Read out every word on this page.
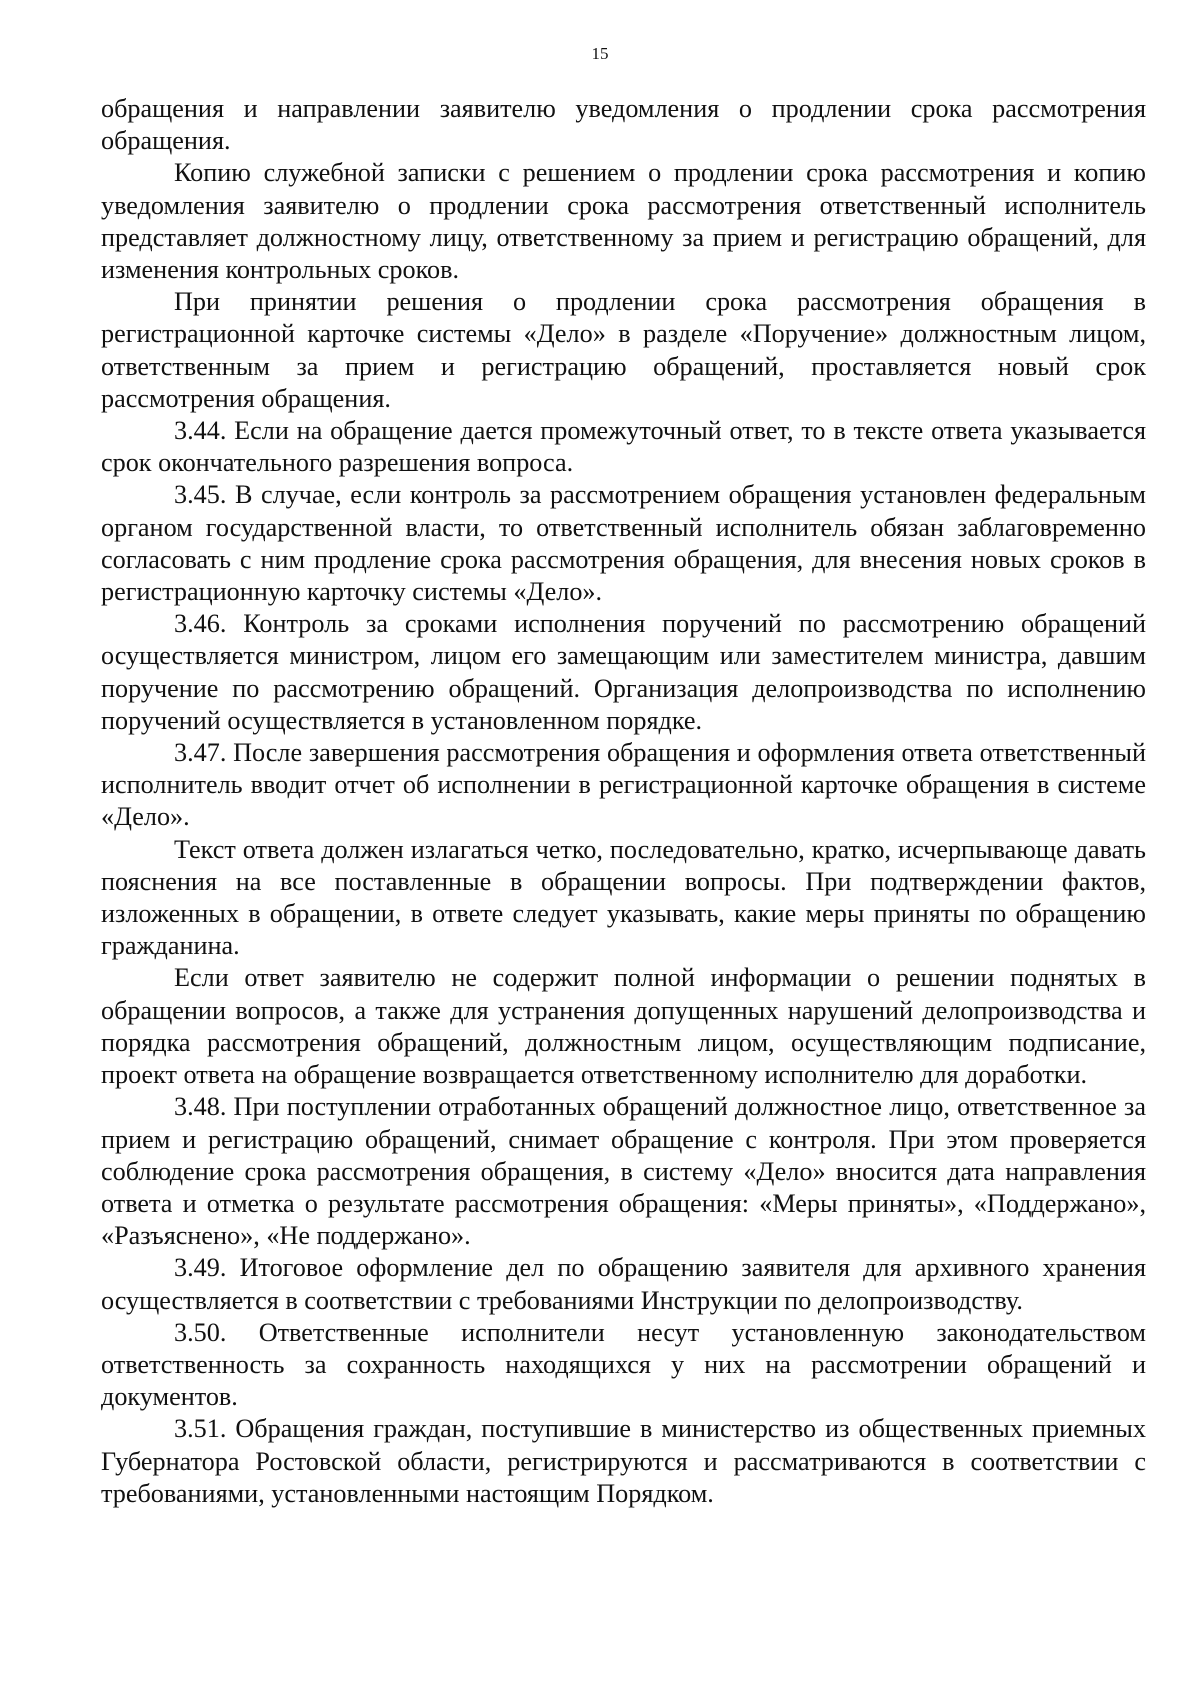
15

обращения и направлении заявителю уведомления о продлении срока рассмотрения обращения.

Копию служебной записки с решением о продлении срока рассмотрения и копию уведомления заявителю о продлении срока рассмотрения ответственный исполнитель представляет должностному лицу, ответственному за прием и регистрацию обращений, для изменения контрольных сроков.

При принятии решения о продлении срока рассмотрения обращения в регистрационной карточке системы «Дело» в разделе «Поручение» должностным лицом, ответственным за прием и регистрацию обращений, проставляется новый срок рассмотрения обращения.

3.44. Если на обращение дается промежуточный ответ, то в тексте ответа указывается срок окончательного разрешения вопроса.

3.45. В случае, если контроль за рассмотрением обращения установлен федеральным органом государственной власти, то ответственный исполнитель обязан заблаговременно согласовать с ним продление срока рассмотрения обращения, для внесения новых сроков в регистрационную карточку системы «Дело».

3.46. Контроль за сроками исполнения поручений по рассмотрению обращений осуществляется министром, лицом его замещающим или заместителем министра, давшим поручение по рассмотрению обращений. Организация делопроизводства по исполнению поручений осуществляется в установленном порядке.

3.47. После завершения рассмотрения обращения и оформления ответа ответственный исполнитель вводит отчет об исполнении в регистрационной карточке обращения в системе «Дело».

Текст ответа должен излагаться четко, последовательно, кратко, исчерпывающе давать пояснения на все поставленные в обращении вопросы. При подтверждении фактов, изложенных в обращении, в ответе следует указывать, какие меры приняты по обращению гражданина.

Если ответ заявителю не содержит полной информации о решении поднятых в обращении вопросов, а также для устранения допущенных нарушений делопроизводства и порядка рассмотрения обращений, должностным лицом, осуществляющим подписание, проект ответа на обращение возвращается ответственному исполнителю для доработки.

3.48. При поступлении отработанных обращений должностное лицо, ответственное за прием и регистрацию обращений, снимает обращение с контроля. При этом проверяется соблюдение срока рассмотрения обращения, в систему «Дело» вносится дата направления ответа и отметка о результате рассмотрения обращения: «Меры приняты», «Поддержано», «Разъяснено», «Не поддержано».

3.49. Итоговое оформление дел по обращению заявителя для архивного хранения осуществляется в соответствии с требованиями Инструкции по делопроизводству.

3.50. Ответственные исполнители несут установленную законодательством ответственность за сохранность находящихся у них на рассмотрении обращений и документов.

3.51. Обращения граждан, поступившие в министерство из общественных приемных Губернатора Ростовской области, регистрируются и рассматриваются в соответствии с требованиями, установленными настоящим Порядком.
